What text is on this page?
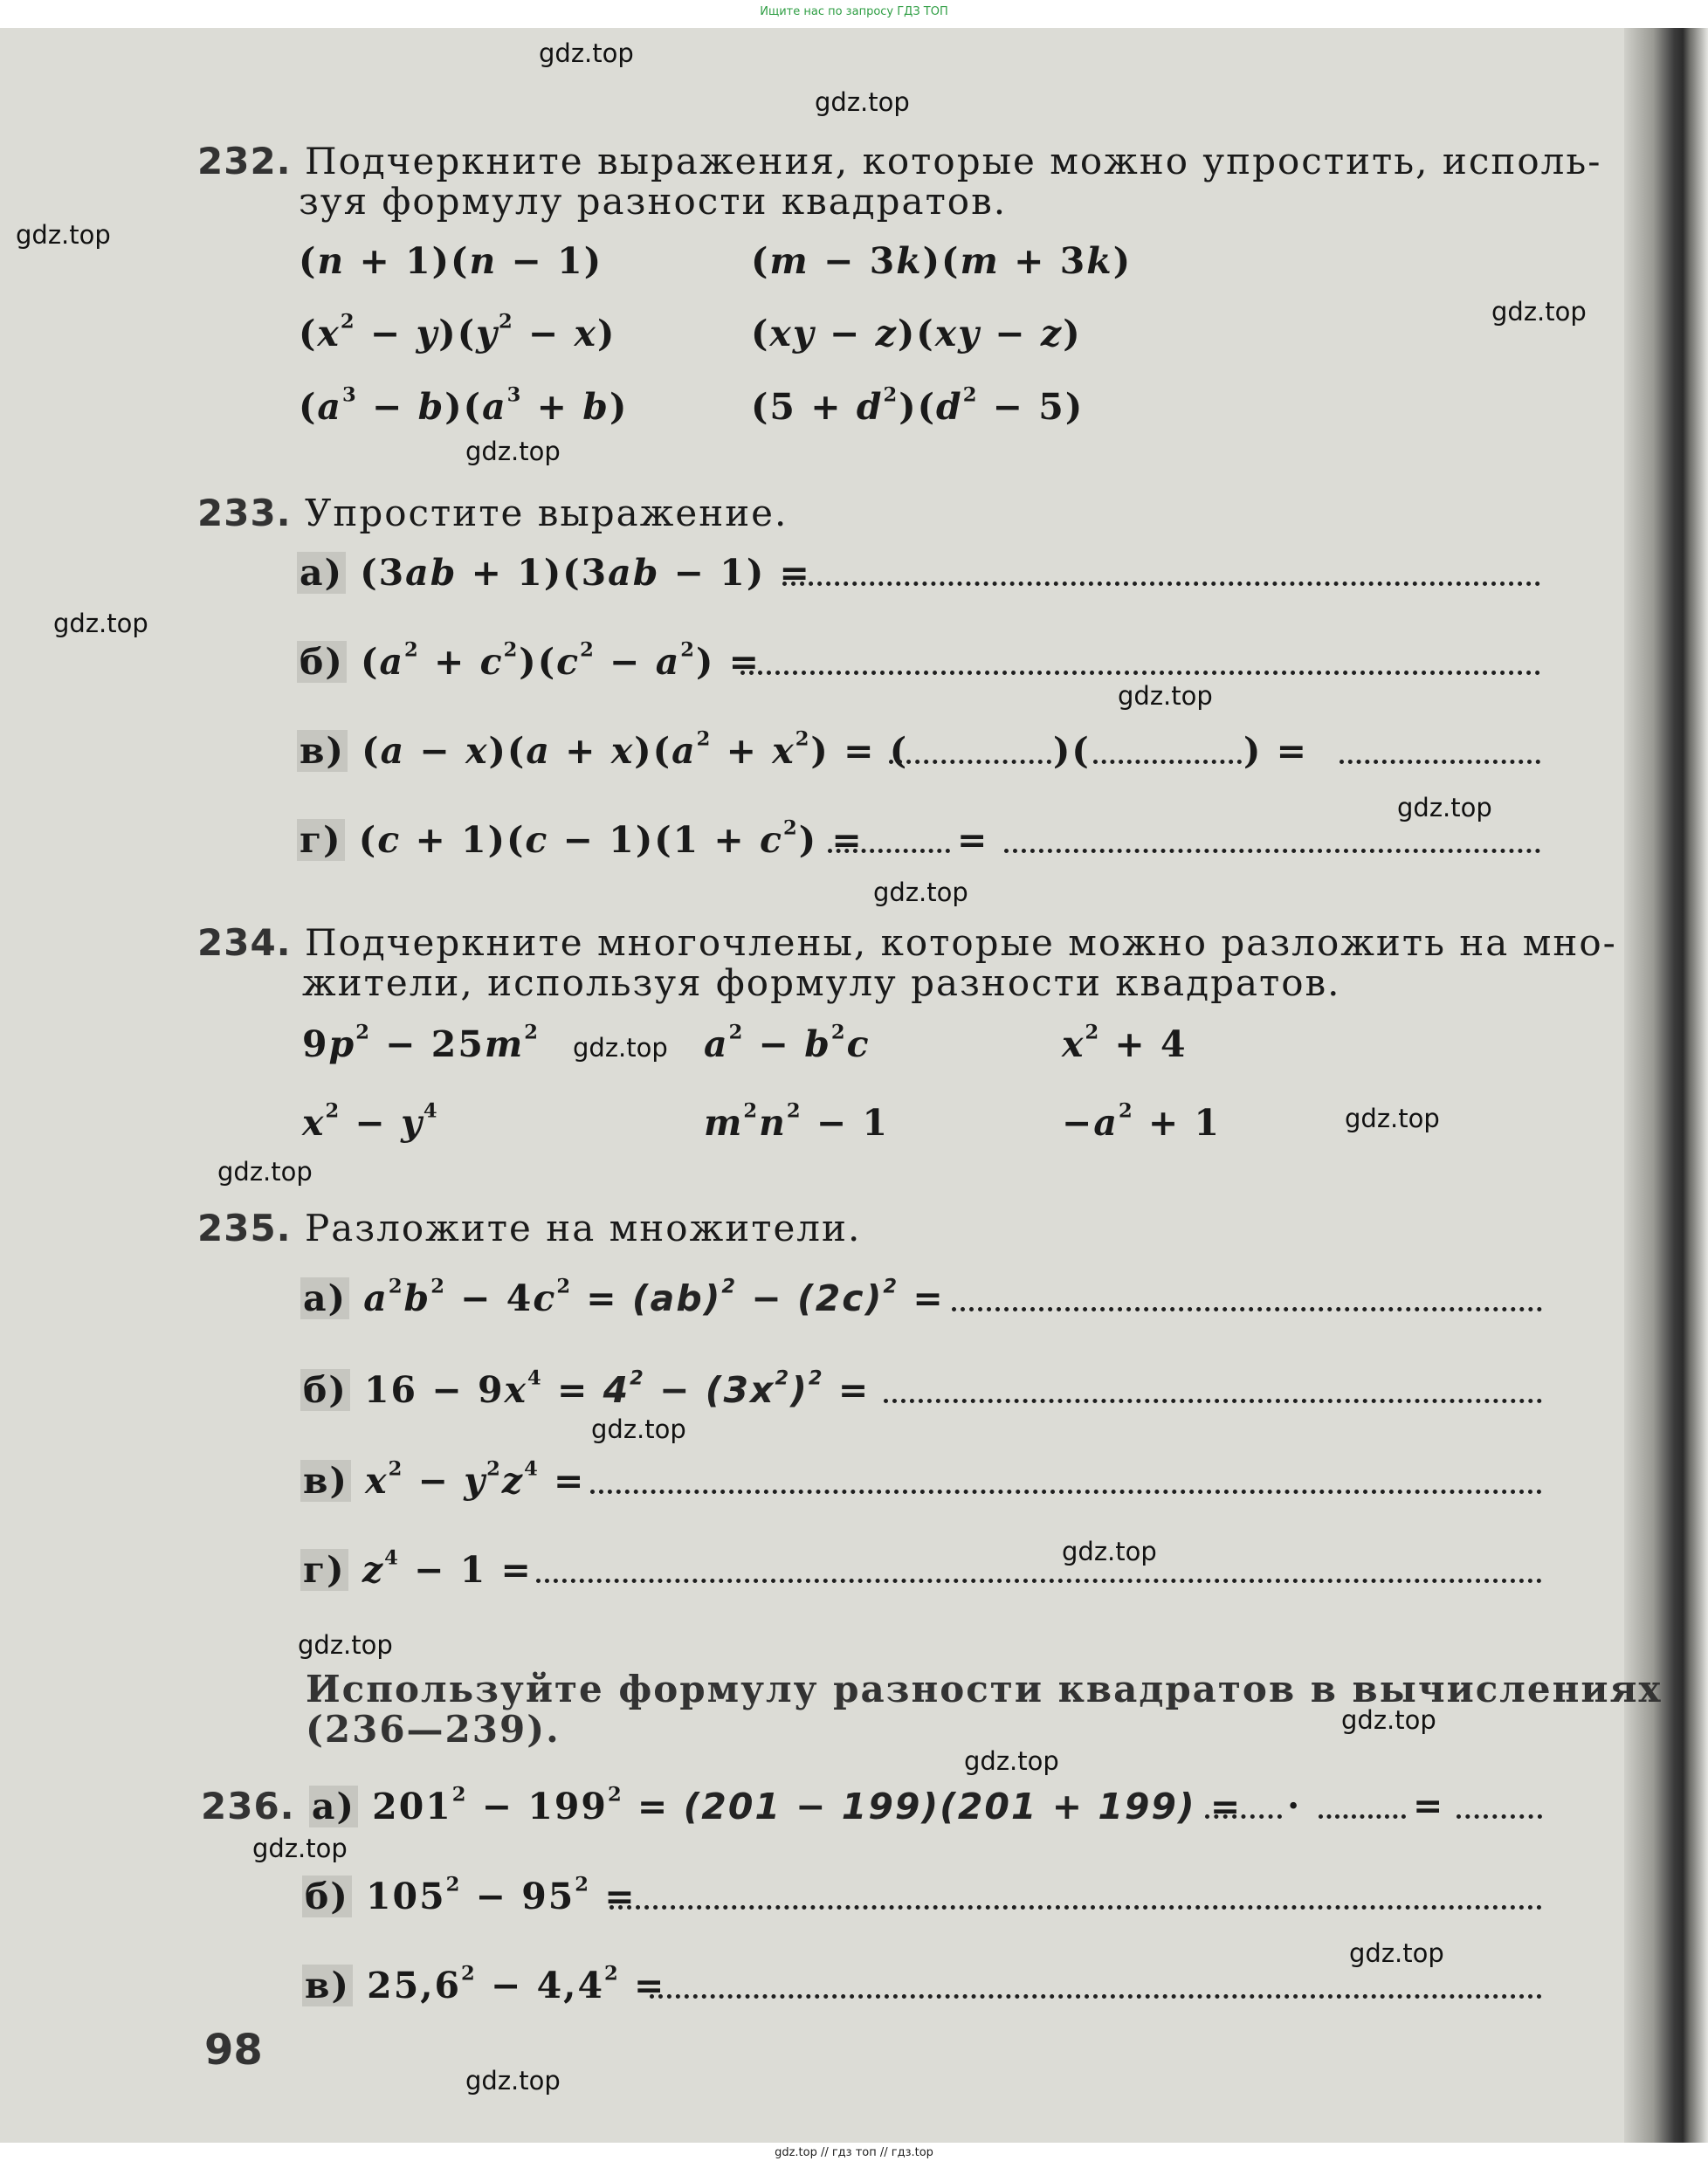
Ищите нас по запросу ГДЗ ТОП
gdz.top // гдз топ // гдз.top
232. Подчеркните выражения, которые можно упростить, исполь-
зуя формулу разности квадратов.
(n + 1)(n − 1)	(m − 3k)(m + 3k)
$(x^2 - y)(y^2 - x)$	(xy − z)(xy − z)
$(a^3 - b)(a^3 + b)$	$(5 + d^2)(d^2 - 5)$
233. Упростите выражение.
а) (3ab + 1)(3ab − 1) =
б) $(a^2 + c^2)(c^2 - a^2)$ =
в) $(a - x)(a + x)(a^2 + x^2)$ = (	)(	) =
г) $(c + 1)(c - 1)(1 + c^2)$ =	=
234. Подчеркните многочлены, которые можно разложить на мно-
жители, используя формулу разности квадратов.
$9p^2 - 25m^2$	$a^2 - b^2c$	$x^2 + 4$
$x^2 - y^4$	$m^2n^2 - 1$	$-a^2 + 1$
235. Разложите на множители.
а) $a^2b^2 - 4c^2 = (ab)^2 - (2c)^2$ =
б) $16 - 9x^4 = 4^2 - (3x^2)^2$ =
в) $x^2 - y^2z^4$ =
г) $z^4 - 1$ =
Используйте формулу разности квадратов в вычислениях
(236—239).
236. а) $201^2 - 199^2 = (201 - 199)(201 + 199)$ = ·	=
б) $105^2 - 95^2$ =
в) $25,6^2 - 4,4^2$ =
98
gdz.top
gdz.top
gdz.top
gdz.top
gdz.top
gdz.top
gdz.top
gdz.top
gdz.top
gdz.top
gdz.top
gdz.top
gdz.top
gdz.top
gdz.top
gdz.top
gdz.top
gdz.top
gdz.top
gdz.top
